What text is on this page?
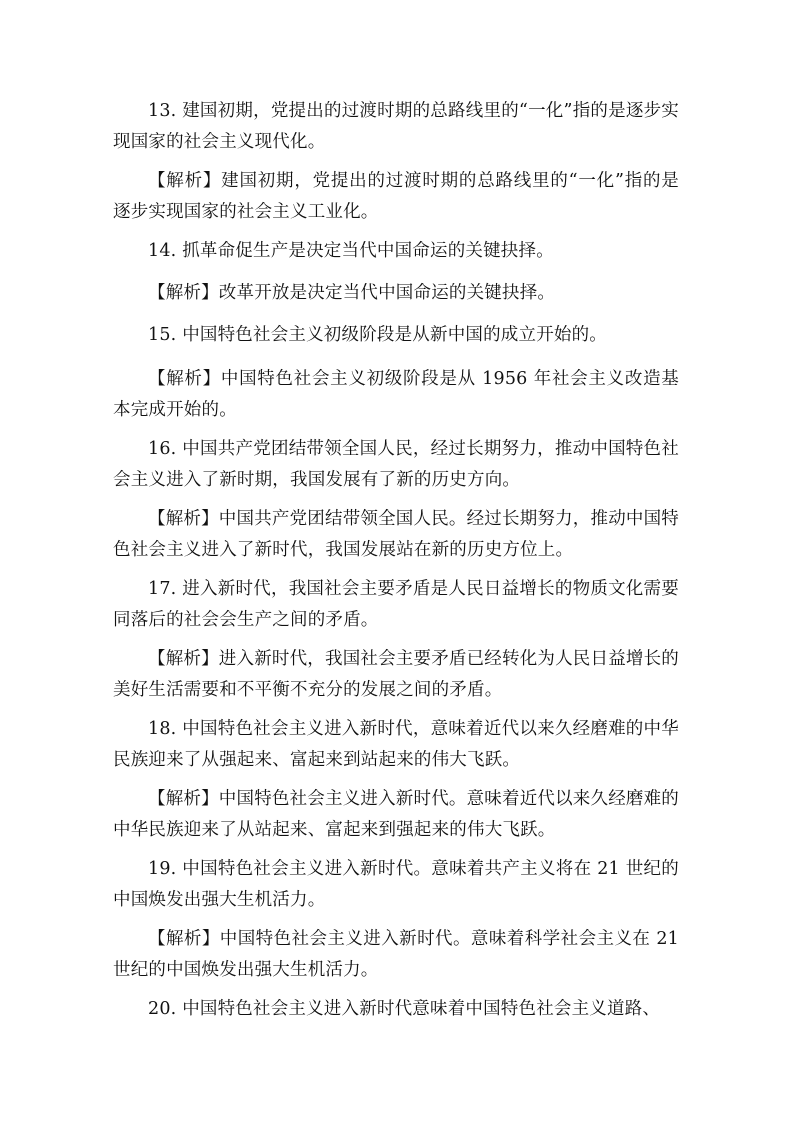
13. 建国初期，党提出的过渡时期的总路线里的“一化”指的是逐步实现国家的社会主义现代化。

【解析】建国初期，党提出的过渡时期的总路线里的“一化”指的是逐步实现国家的社会主义工业化。

14. 抓革命促生产是决定当代中国命运的关键抉择。

【解析】改革开放是决定当代中国命运的关键抉择。

15. 中国特色社会主义初级阶段是从新中国的成立开始的。

【解析】中国特色社会主义初级阶段是从 1956 年社会主义改造基本完成开始的。

16. 中国共产党团结带领全国人民，经过长期努力，推动中国特色社会主义进入了新时期，我国发展有了新的历史方向。

【解析】中国共产党团结带领全国人民。经过长期努力，推动中国特色社会主义进入了新时代，我国发展站在新的历史方位上。

17. 进入新时代，我国社会主要矛盾是人民日益增长的物质文化需要同落后的社会会生产之间的矛盾。

【解析】进入新时代，我国社会主要矛盾已经转化为人民日益增长的美好生活需要和不平衡不充分的发展之间的矛盾。

18. 中国特色社会主义进入新时代，意味着近代以来久经磨难的中华民族迎来了从强起来、富起来到站起来的伟大飞跃。

【解析】中国特色社会主义进入新时代。意味着近代以来久经磨难的中华民族迎来了从站起来、富起来到强起来的伟大飞跃。

19. 中国特色社会主义进入新时代。意味着共产主义将在 21 世纪的中国焕发出强大生机活力。

【解析】中国特色社会主义进入新时代。意味着科学社会主义在 21 世纪的中国焕发出强大生机活力。

20. 中国特色社会主义进入新时代意味着中国特色社会主义道路、
